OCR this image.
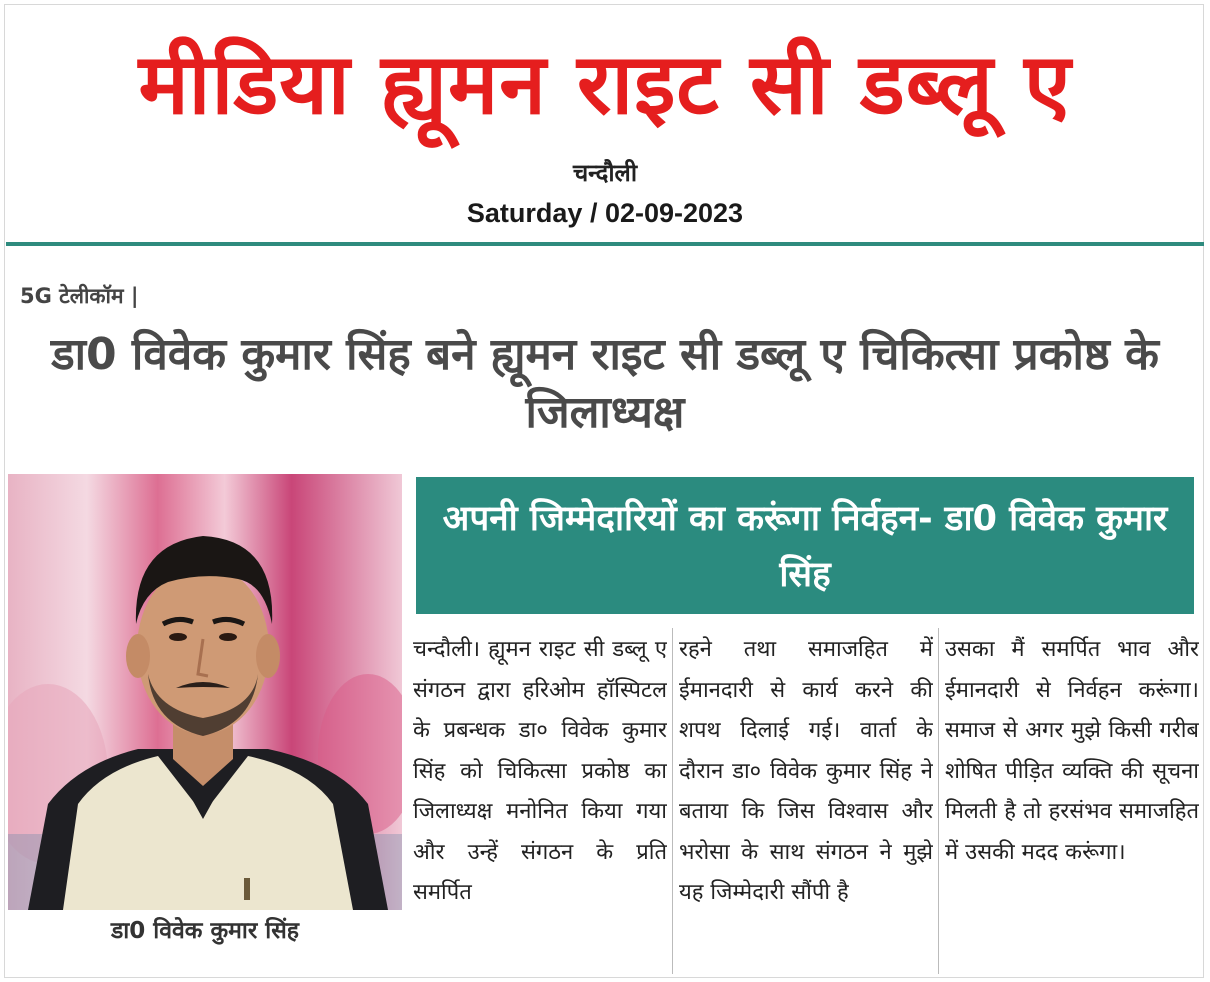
मीडिया ह्यूमन राइट सी डब्लू ए
चन्दौली
Saturday / 02-09-2023
5G टेलीकॉम |
डा0 विवेक कुमार सिंह बने ह्यूमन राइट सी डब्लू ए चिकित्सा प्रकोष्ठ के जिलाध्यक्ष
डा0 विवेक कुमार सिंह
अपनी जिम्मेदारियों का करूंगा निर्वहन- डा0 विवेक कुमार सिंह
चन्दौली। ह्यूमन राइट सी डब्लू ए संगठन द्वारा हरिओम हॉस्पिटल के प्रबन्धक डा० विवेक कुमार सिंह को चिकित्सा प्रकोष्ठ का जिलाध्यक्ष मनोनित किया गया और उन्हें संगठन के प्रति समर्पित
रहने तथा समाजहित में ईमानदारी से कार्य करने की शपथ दिलाई गई। वार्ता के दौरान डा० विवेक कुमार सिंह ने बताया कि जिस विश्वास और भरोसा के साथ संगठन ने मुझे यह जिम्मेदारी सौंपी है
उसका मैं समर्पित भाव और ईमानदारी से निर्वहन करूंगा।समाज से अगर मुझे किसी गरीब शोषित पीड़ित व्यक्ति की सूचना मिलती है तो हरसंभव समाजहित में उसकी मदद करूंगा।
